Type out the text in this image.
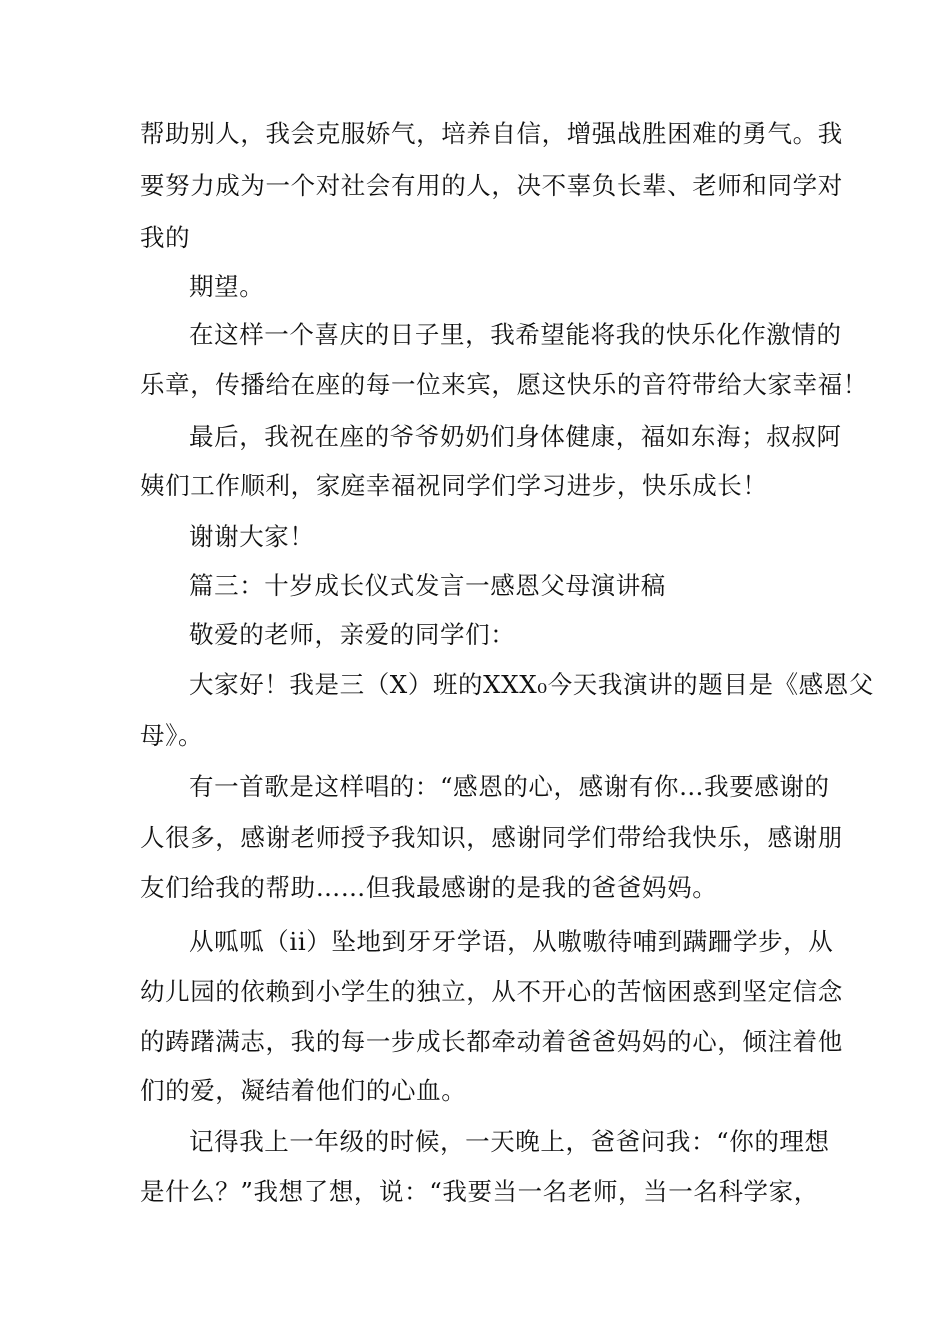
帮助别人，我会克服娇气，培养自信，增强战胜困难的勇气。我
要努力成为一个对社会有用的人，决不辜负长辈、老师和同学对
我的
期望。
在这样一个喜庆的日子里，我希望能将我的快乐化作激情的
乐章，传播给在座的每一位来宾，愿这快乐的音符带给大家幸福！
最后，我祝在座的爷爷奶奶们身体健康，福如东海；叔叔阿
姨们工作顺利，家庭幸福祝同学们学习进步，快乐成长！
谢谢大家！
篇三：十岁成长仪式发言一感恩父母演讲稿
敬爱的老师，亲爱的同学们：
大家好！我是三（X）班的XXX₀今天我演讲的题目是《感恩父
母》。
有一首歌是这样唱的：“感恩的心，感谢有你…我要感谢的
人很多，感谢老师授予我知识，感谢同学们带给我快乐，感谢朋
友们给我的帮助……但我最感谢的是我的爸爸妈妈。
从呱呱（ii）坠地到牙牙学语，从嗷嗷待哺到蹒跚学步，从
幼儿园的依赖到小学生的独立，从不开心的苦恼困惑到坚定信念
的踌躇满志，我的每一步成长都牵动着爸爸妈妈的心，倾注着他
们的爱，凝结着他们的心血。
记得我上一年级的时候，一天晚上，爸爸问我：“你的理想
是什么？”我想了想，说：“我要当一名老师，当一名科学家，
